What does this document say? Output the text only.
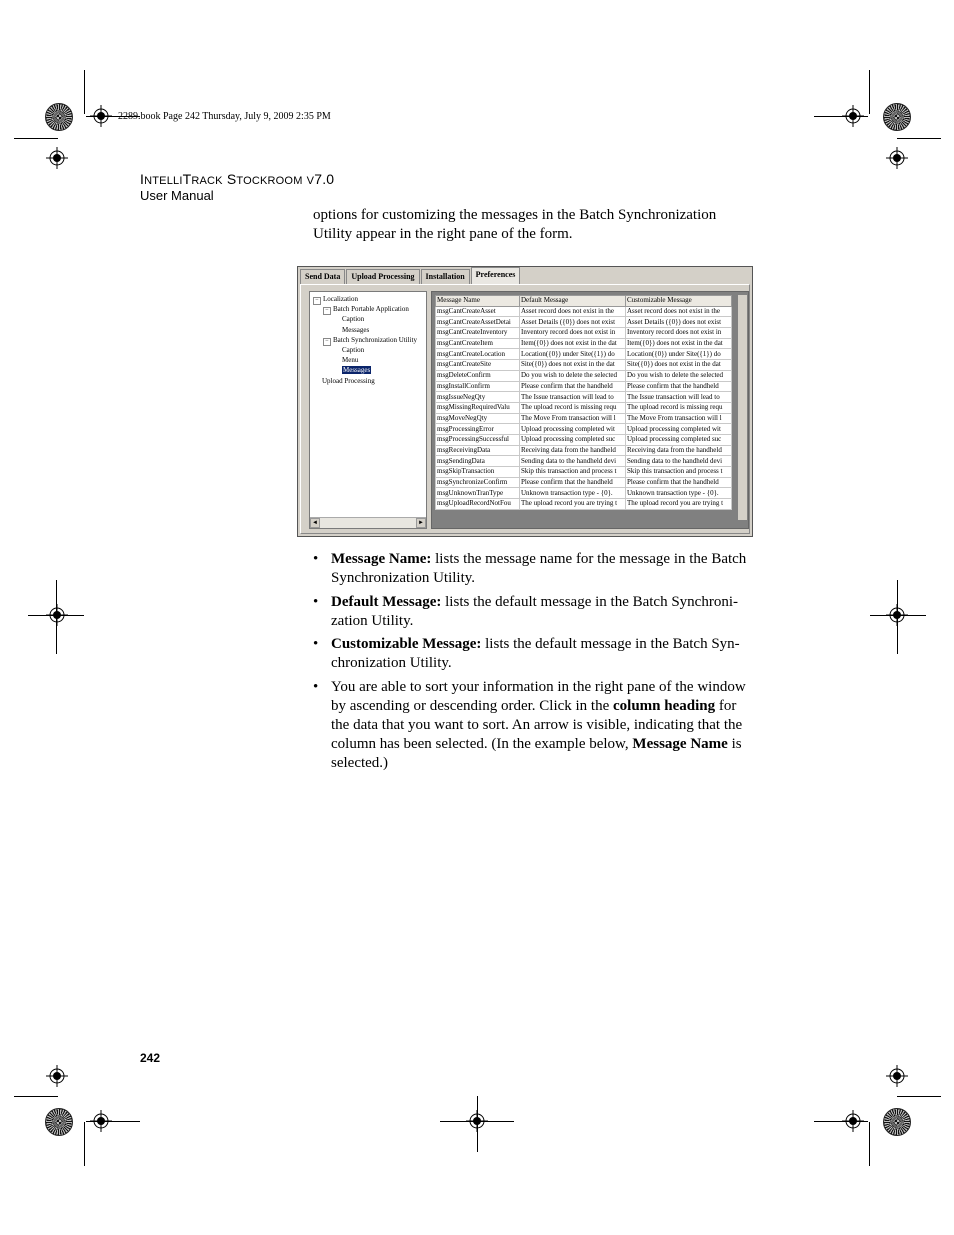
2289.book Page 242 Thursday, July 9, 2009 2:35 PM
INTELLITRACK STOCKROOM V7.0
User Manual
options for customizing the messages in the Batch Synchronization Utility appear in the right pane of the form.
Send Data	Upload Processing	Installation	Preferences
◄	►
− Localization
− Batch Portable Application
Caption
Messages
− Batch Synchronization Utility
Caption
Menu
Messages
Upload Processing
Message Name	Default Message	Customizable Message
msgCantCreateAsset	Asset record does not exist in the	Asset record does not exist in the
msgCantCreateAssetDetai	Asset Details ({0}) does not exist	Asset Details ({0}) does not exist
msgCantCreateInventory	Inventory record does not exist in	Inventory record does not exist in
msgCantCreateItem	Item({0}) does not exist in the dat	Item({0}) does not exist in the dat
msgCantCreateLocation	Location({0}) under Site({1}) do	Location({0}) under Site({1}) do
msgCantCreateSite	Site({0}) does not exist in the dat	Site({0}) does not exist in the dat
msgDeleteConfirm	Do you wish to delete the selected	Do you wish to delete the selected
msgInstallConfirm	Please confirm that the handheld	Please confirm that the handheld
msgIssueNegQty	The Issue transaction will lead to	The Issue transaction will lead to
msgMissingRequiredValu	The upload record is missing requ	The upload record is missing requ
msgMoveNegQty	The Move From transaction will l	The Move From transaction will l
msgProcessingError	Upload processing completed wit	Upload processing completed wit
msgProcessingSuccessful	Upload processing completed suc	Upload processing completed suc
msgReceivingData	Receiving data from the handheld	Receiving data from the handheld
msgSendingData	Sending data to the handheld devi	Sending data to the handheld devi
msgSkipTransaction	Skip this transaction and process t	Skip this transaction and process t
msgSynchronizeConfirm	Please confirm that the handheld	Please confirm that the handheld
msgUnknownTranType	Unknown transaction type - {0}.	Unknown transaction type - {0}.
msgUploadRecordNotFou	The upload record you are trying t	The upload record you are trying t
• Message Name: lists the message name for the message in the Batch Synchronization Utility.
• Default Message: lists the default message in the Batch Synchroni-zation Utility.
• Customizable Message: lists the default message in the Batch Syn-chronization Utility.
• You are able to sort your information in the right pane of the window by ascending or descending order. Click in the column heading for the data that you want to sort. An arrow is visible, indicating that the column has been selected. (In the example below, Message Name is selected.)
242
